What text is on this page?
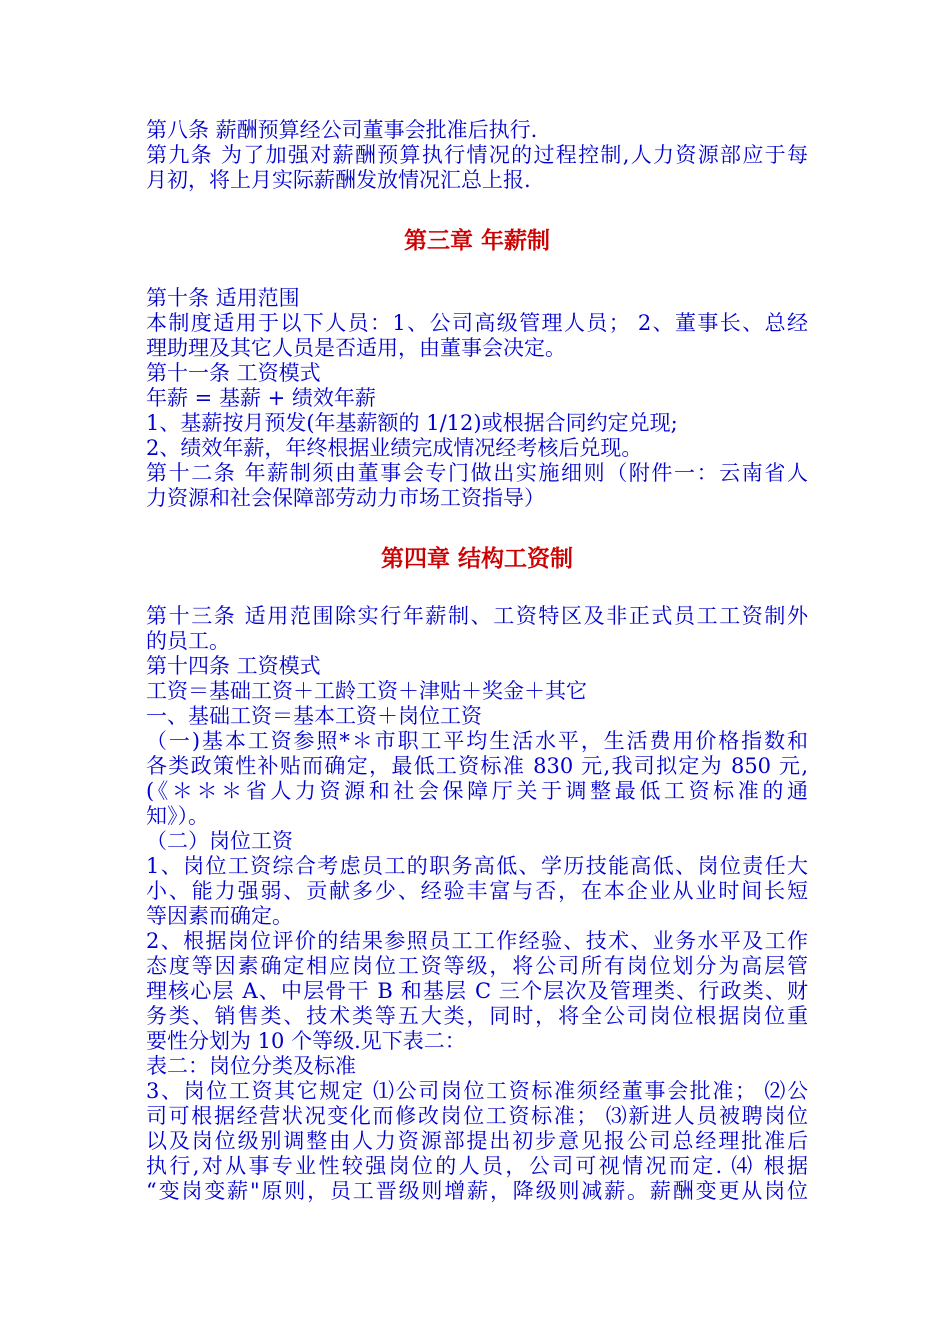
第八条 薪酬预算经公司董事会批准后执行.

第九条 为了加强对薪酬预算执行情况的过程控制,人力资源部应于每

月初，将上月实际薪酬发放情况汇总上报.

第三章 年薪制

第十条 适用范围

本制度适用于以下人员：1、公司高级管理人员； 2、董事长、总经

理助理及其它人员是否适用，由董事会决定。

第十一条 工资模式

年薪 = 基薪 + 绩效年薪

1、基薪按月预发(年基薪额的 1/12)或根据合同约定兑现;

2、绩效年薪，年终根据业绩完成情况经考核后兑现。

第十二条 年薪制须由董事会专门做出实施细则（附件一：云南省人

力资源和社会保障部劳动力市场工资指导）

第四章 结构工资制

第十三条 适用范围除实行年薪制、工资特区及非正式员工工资制外

的员工。

第十四条 工资模式

工资＝基础工资＋工龄工资＋津贴＋奖金＋其它

一、基础工资＝基本工资＋岗位工资

（一)基本工资参照*＊市职工平均生活水平，生活费用价格指数和

各类政策性补贴而确定，最低工资标准 830 元,我司拟定为 850 元,

(《＊＊＊省人力资源和社会保障厅关于调整最低工资标准的通

知》）。

（二）岗位工资

1、岗位工资综合考虑员工的职务高低、学历技能高低、岗位责任大

小、能力强弱、贡献多少、经验丰富与否，在本企业从业时间长短

等因素而确定。

2、根据岗位评价的结果参照员工工作经验、技术、业务水平及工作

态度等因素确定相应岗位工资等级，将公司所有岗位划分为高层管

理核心层 A、中层骨干 B 和基层 C 三个层次及管理类、行政类、财

务类、销售类、技术类等五大类，同时，将全公司岗位根据岗位重

要性分划为 10 个等级.见下表二：

表二：岗位分类及标准

3、岗位工资其它规定 ⑴公司岗位工资标准须经董事会批准； ⑵公

司可根据经营状况变化而修改岗位工资标准； ⑶新进人员被聘岗位

以及岗位级别调整由人力资源部提出初步意见报公司总经理批准后

执行,对从事专业性较强岗位的人员，公司可视情况而定. ⑷ 根据

“变岗变薪"原则，员工晋级则增薪，降级则减薪。薪酬变更从岗位
